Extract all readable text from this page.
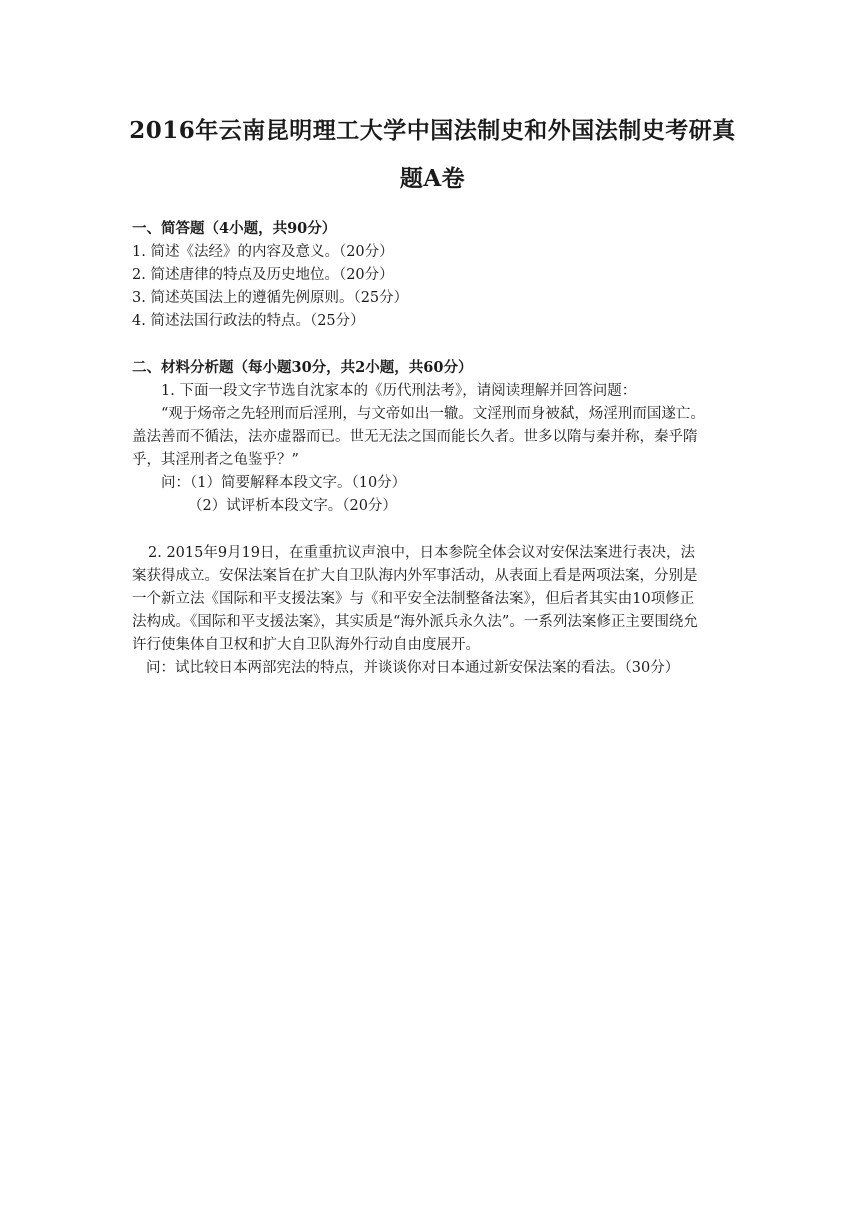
2016年云南昆明理工大学中国法制史和外国法制史考研真
题A卷
一、简答题（4小题，共90分）
1. 简述《法经》的内容及意义。（20分）
2. 简述唐律的特点及历史地位。（20分）
3. 简述英国法上的遵循先例原则。（25分）
4. 简述法国行政法的特点。（25分）
二、材料分析题（每小题30分，共2小题，共60分）
1. 下面一段文字节选自沈家本的《历代刑法考》，请阅读理解并回答问题：
“观于炀帝之先轻刑而后淫刑，与文帝如出一辙。文淫刑而身被弑，炀淫刑而国遂亡。
盖法善而不循法，法亦虚器而已。世无无法之国而能长久者。世多以隋与秦并称，秦乎隋
乎，其淫刑者之龟鉴乎？”
问：（1）简要解释本段文字。（10分）
（2）试评析本段文字。（20分）
2. 2015年9月19日，在重重抗议声浪中，日本参院全体会议对安保法案进行表决，法
案获得成立。安保法案旨在扩大自卫队海内外军事活动，从表面上看是两项法案，分别是
一个新立法《国际和平支援法案》与《和平安全法制整备法案》，但后者其实由10项修正
法构成。《国际和平支援法案》，其实质是“海外派兵永久法”。一系列法案修正主要围绕允
许行使集体自卫权和扩大自卫队海外行动自由度展开。
问：试比较日本两部宪法的特点，并谈谈你对日本通过新安保法案的看法。（30分）
